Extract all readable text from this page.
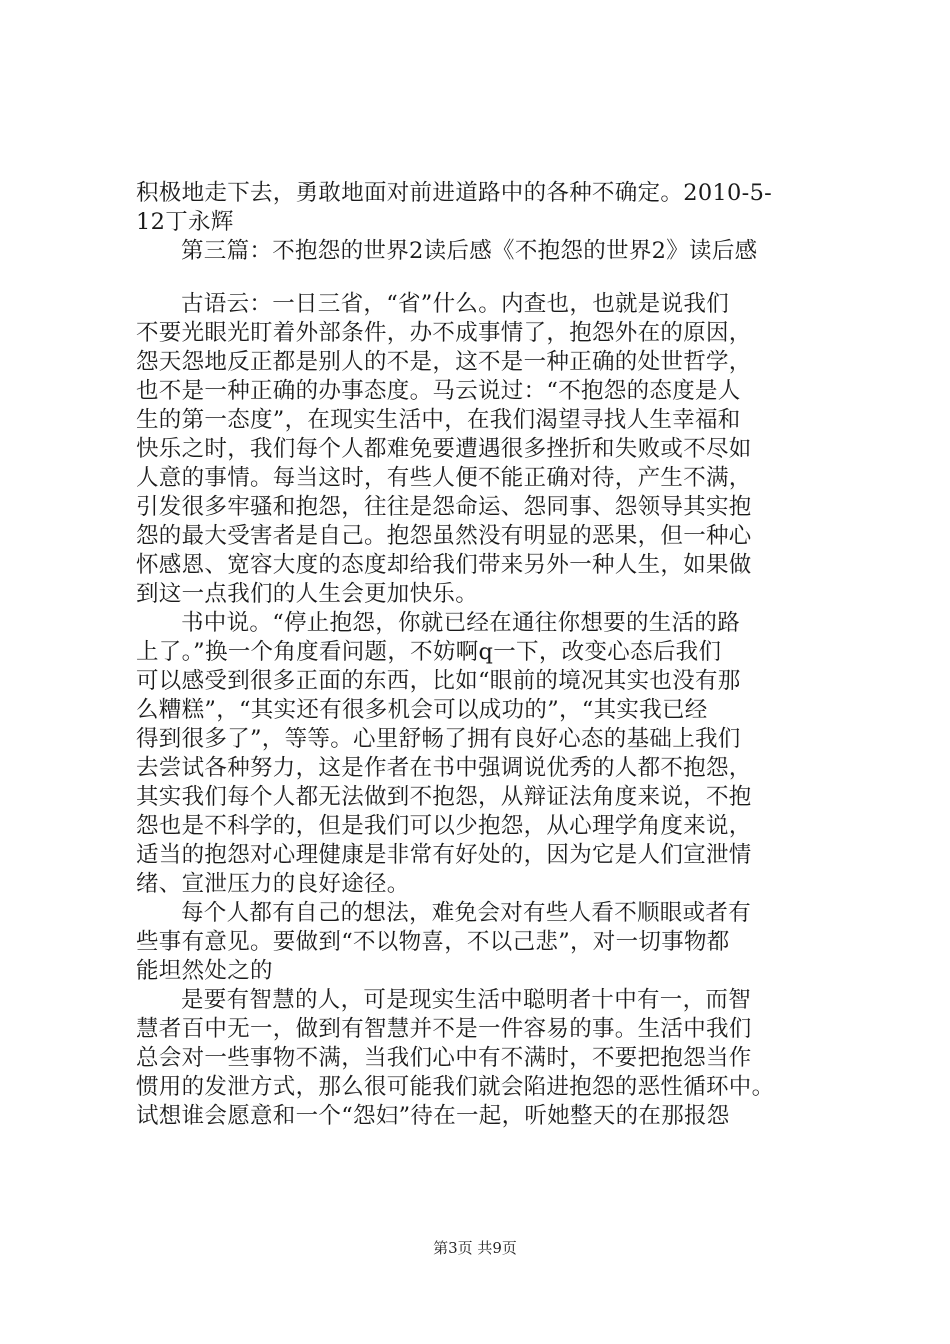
积极地走下去，勇敢地面对前进道路中的各种不确定。2010-5-
12丁永辉
第三篇：不抱怨的世界2读后感《不抱怨的世界2》读后感
古语云：一日三省，“省”什么。内查也，也就是说我们
不要光眼光盯着外部条件，办不成事情了，抱怨外在的原因，
怨天怨地反正都是别人的不是，这不是一种正确的处世哲学，
也不是一种正确的办事态度。马云说过：“不抱怨的态度是人
生的第一态度”，在现实生活中，在我们渴望寻找人生幸福和
快乐之时，我们每个人都难免要遭遇很多挫折和失败或不尽如
人意的事情。每当这时，有些人便不能正确对待，产生不满，
引发很多牢骚和抱怨，往往是怨命运、怨同事、怨领导其实抱
怨的最大受害者是自己。抱怨虽然没有明显的恶果，但一种心
怀感恩、宽容大度的态度却给我们带来另外一种人生，如果做
到这一点我们的人生会更加快乐。
书中说。“停止抱怨，你就已经在通往你想要的生活的路
上了。”换一个角度看问题，不妨啊q一下，改变心态后我们
可以感受到很多正面的东西，比如“眼前的境况其实也没有那
么糟糕”，“其实还有很多机会可以成功的”，“其实我已经
得到很多了”，等等。心里舒畅了拥有良好心态的基础上我们
去尝试各种努力，这是作者在书中强调说优秀的人都不抱怨，
其实我们每个人都无法做到不抱怨，从辩证法角度来说，不抱
怨也是不科学的，但是我们可以少抱怨，从心理学角度来说，
适当的抱怨对心理健康是非常有好处的，因为它是人们宣泄情
绪、宣泄压力的良好途径。
每个人都有自己的想法，难免会对有些人看不顺眼或者有
些事有意见。要做到“不以物喜，不以己悲”，对一切事物都
能坦然处之的
是要有智慧的人，可是现实生活中聪明者十中有一，而智
慧者百中无一，做到有智慧并不是一件容易的事。生活中我们
总会对一些事物不满，当我们心中有不满时，不要把抱怨当作
惯用的发泄方式，那么很可能我们就会陷进抱怨的恶性循环中。
试想谁会愿意和一个“怨妇”待在一起，听她整天的在那报怨
第3页 共9页
